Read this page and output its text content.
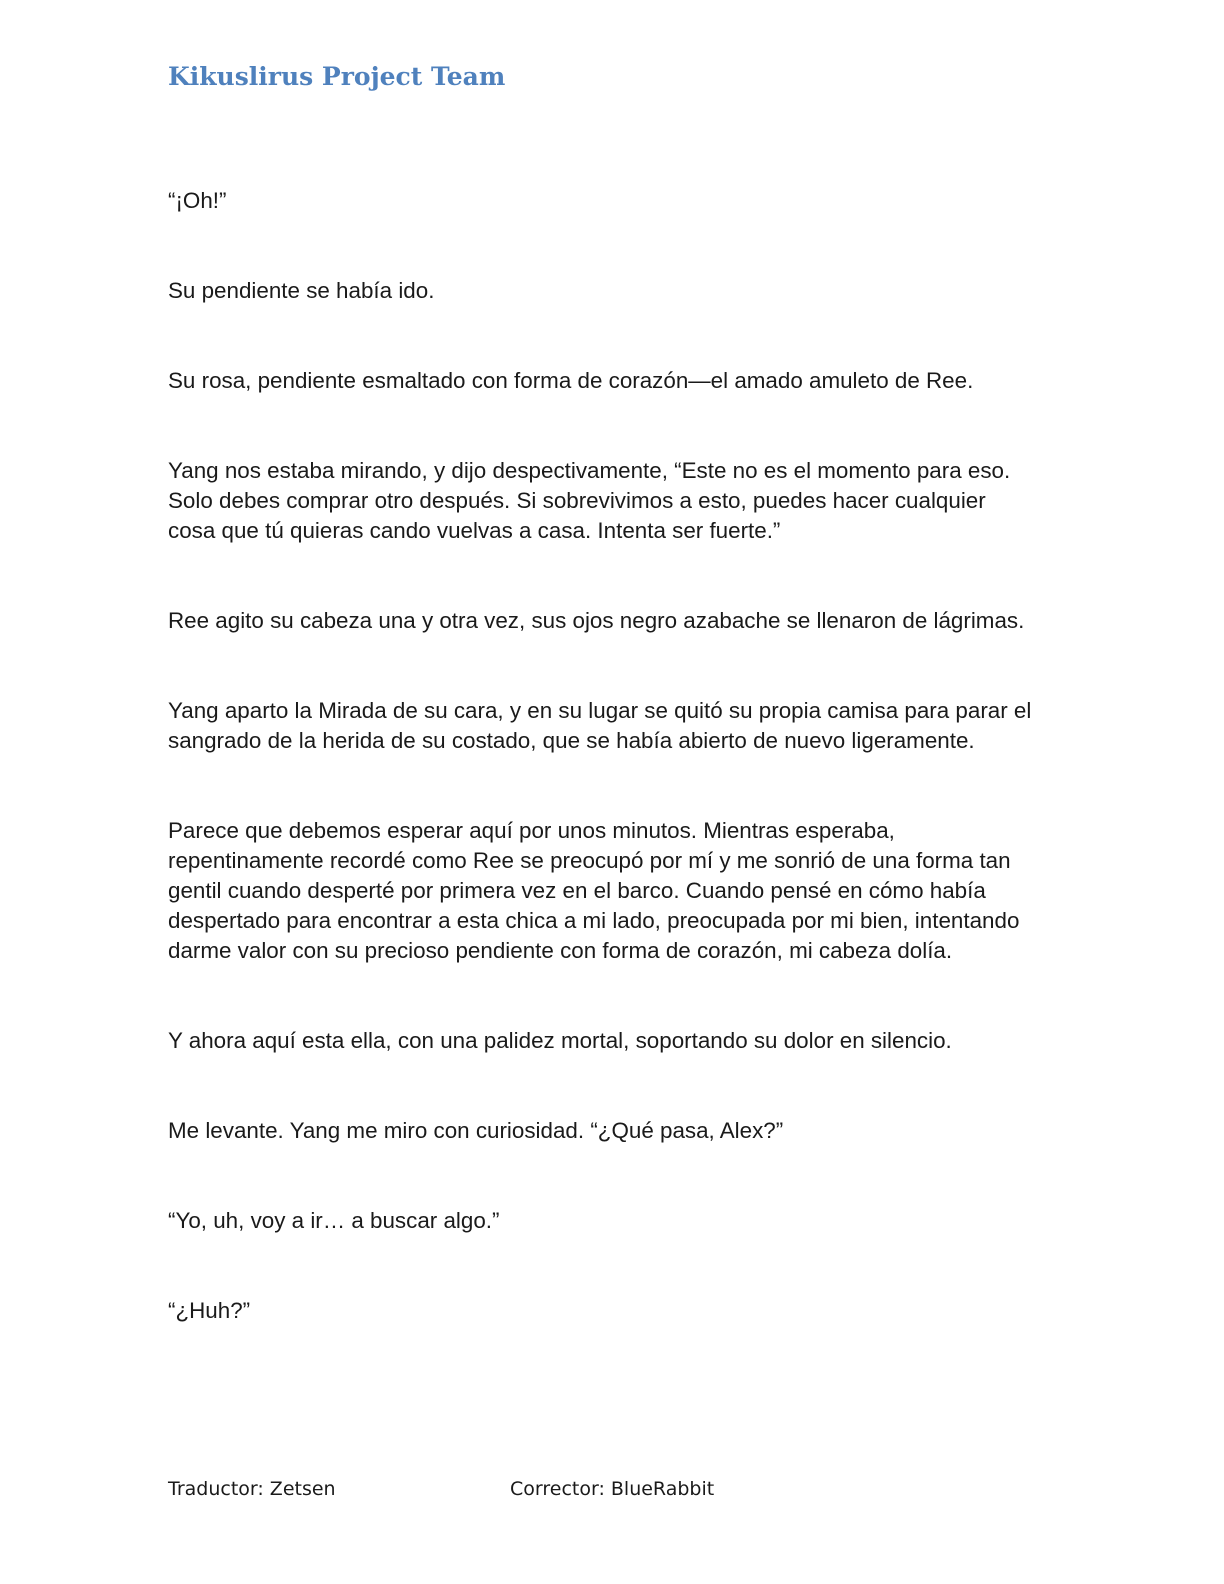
Kikuslirus Project Team

“¡Oh!”

Su pendiente se había ido.

Su rosa, pendiente esmaltado con forma de corazón—el amado amuleto de Ree.

Yang nos estaba mirando, y dijo despectivamente, “Este no es el momento para eso. Solo debes comprar otro después. Si sobrevivimos a esto, puedes hacer cualquier cosa que tú quieras cando vuelvas a casa. Intenta ser fuerte.”

Ree agito su cabeza una y otra vez, sus ojos negro azabache se llenaron de lágrimas.

Yang aparto la Mirada de su cara, y en su lugar se quitó su propia camisa para parar el sangrado de la herida de su costado, que se había abierto de nuevo ligeramente.

Parece que debemos esperar aquí por unos minutos. Mientras esperaba, repentinamente recordé como Ree se preocupó por mí y me sonrió de una forma tan gentil cuando desperté por primera vez en el barco. Cuando pensé en cómo había despertado para encontrar a esta chica a mi lado, preocupada por mi bien, intentando darme valor con su precioso pendiente con forma de corazón, mi cabeza dolía.

Y ahora aquí esta ella, con una palidez mortal, soportando su dolor en silencio.

Me levante. Yang me miro con curiosidad. “¿Qué pasa, Alex?”

“Yo, uh, voy a ir… a buscar algo.”

“¿Huh?”

Traductor: Zetsen	Corrector: BlueRabbit
